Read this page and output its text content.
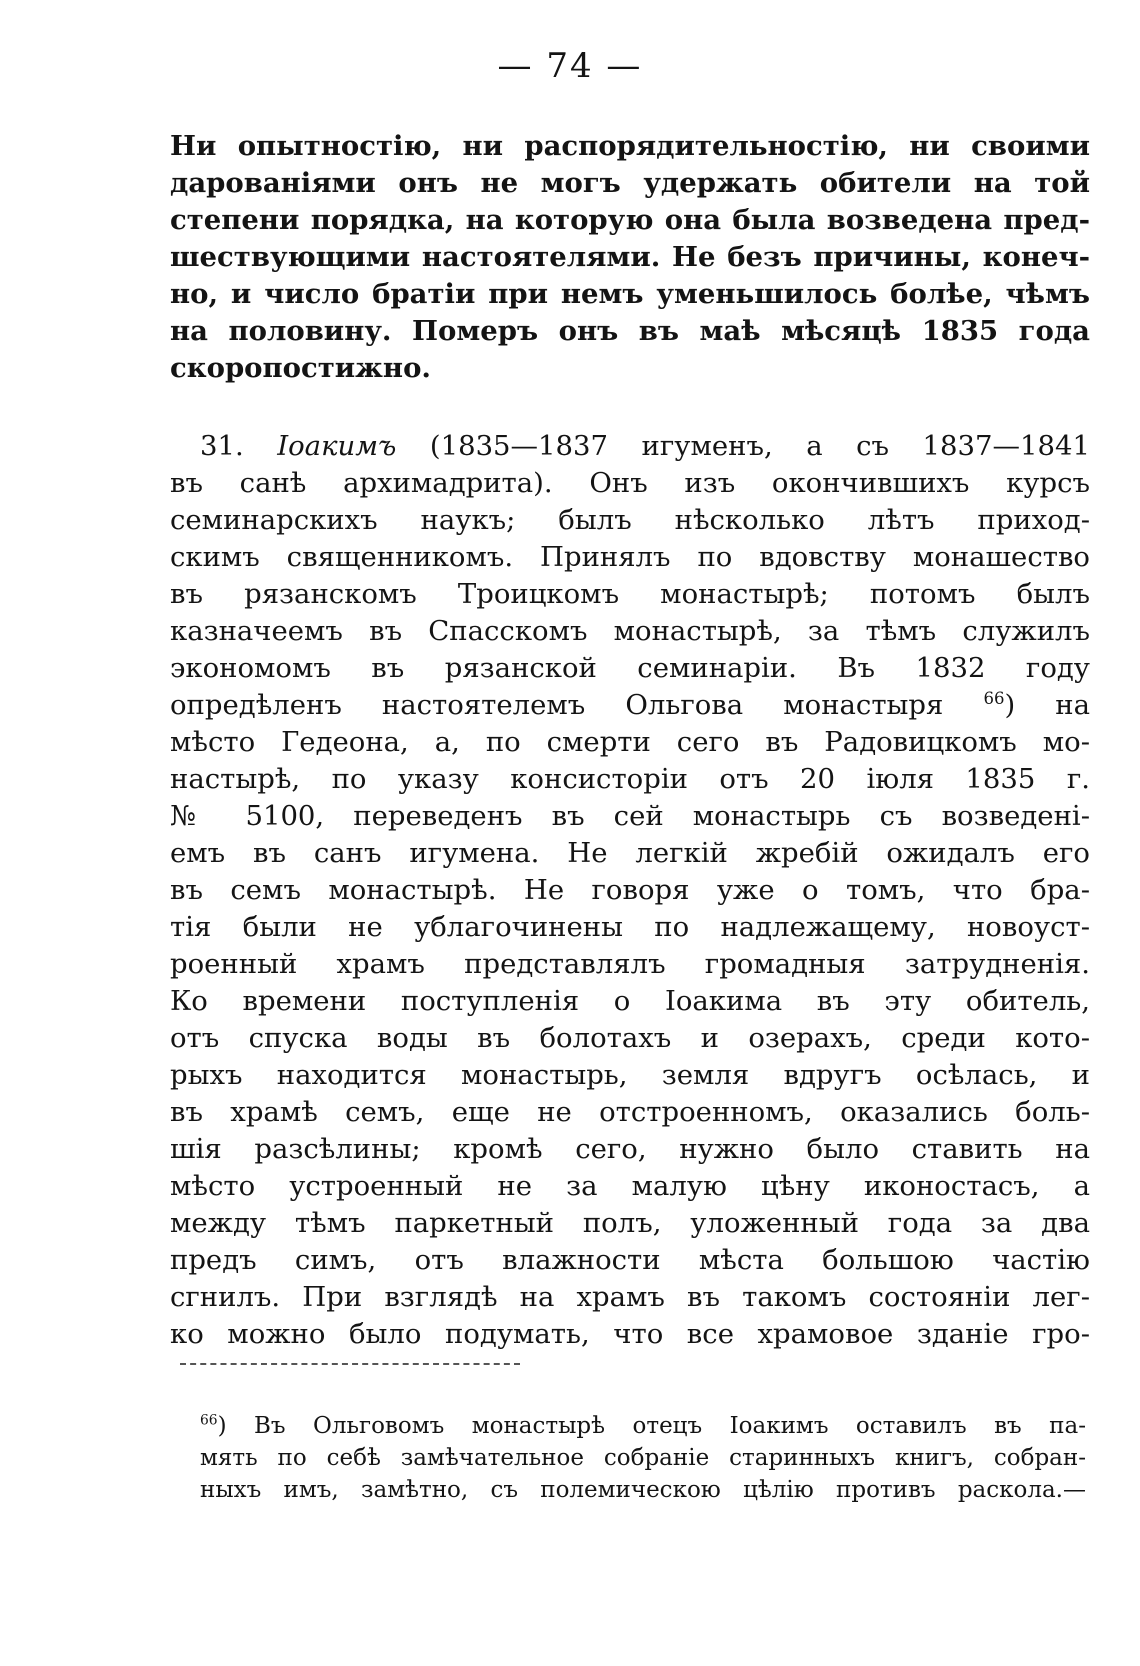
— 74 —
Ни опытностію, ни распорядительностію, ни своими
дарованіями онъ не могъ удержать обители на той
степени порядка, на которую она была возведена пред-
шествующими настоятелями. Не безъ причины, конеч-
но, и число братіи при немъ уменьшилось болѣе, чѣмъ
на половину. Померъ онъ въ маѣ мѣсяцѣ 1835 года
скоропостижно.
31. Іоакимъ (1835—1837 игуменъ, а съ 1837—1841
въ санѣ архимадрита). Онъ изъ окончившихъ курсъ
семинарскихъ наукъ; былъ нѣсколько лѣтъ приход-
скимъ священникомъ. Принялъ по вдовству монашество
въ рязанскомъ Троицкомъ монастырѣ; потомъ былъ
казначеемъ въ Спасскомъ монастырѣ, за тѣмъ служилъ
экономомъ въ рязанской семинаріи. Въ 1832 году
опредѣленъ настоятелемъ Ольгова монастыря $^{66}$) на
мѣсто Гедеона, а, по смерти сего въ Радовицкомъ мо-
настырѣ, по указу консисторіи отъ 20 іюля 1835 г.
№ 5100, переведенъ въ сей монастырь съ возведені-
емъ въ санъ игумена. Не легкій жребій ожидалъ его
въ семъ монастырѣ. Не говоря уже о томъ, что бра-
тія были не ублагочинены по надлежащему, новоуст-
роенный храмъ представлялъ громадныя затрудненія.
Ко времени поступленія о Іоакима въ эту обитель,
отъ спуска воды въ болотахъ и озерахъ, среди кото-
рыхъ находится монастырь, земля вдругъ осѣлась, и
въ храмѣ семъ, еще не отстроенномъ, оказались боль-
шія разсѣлины; кромѣ сего, нужно было ставить на
мѣсто устроенный не за малую цѣну иконостасъ, а
между тѣмъ паркетный полъ, уложенный года за два
предъ симъ, отъ влажности мѣста большою частію
сгнилъ. При взглядѣ на храмъ въ такомъ состояніи лег-
ко можно было подумать, что все храмовое зданіе гро-
$^{66}$) Въ Ольговомъ монастырѣ отецъ Іоакимъ оставилъ въ па-
мять по себѣ замѣчательное собраніе старинныхъ книгъ, собран-
ныхъ имъ, замѣтно, съ полемическою цѣлію противъ раскола.—
